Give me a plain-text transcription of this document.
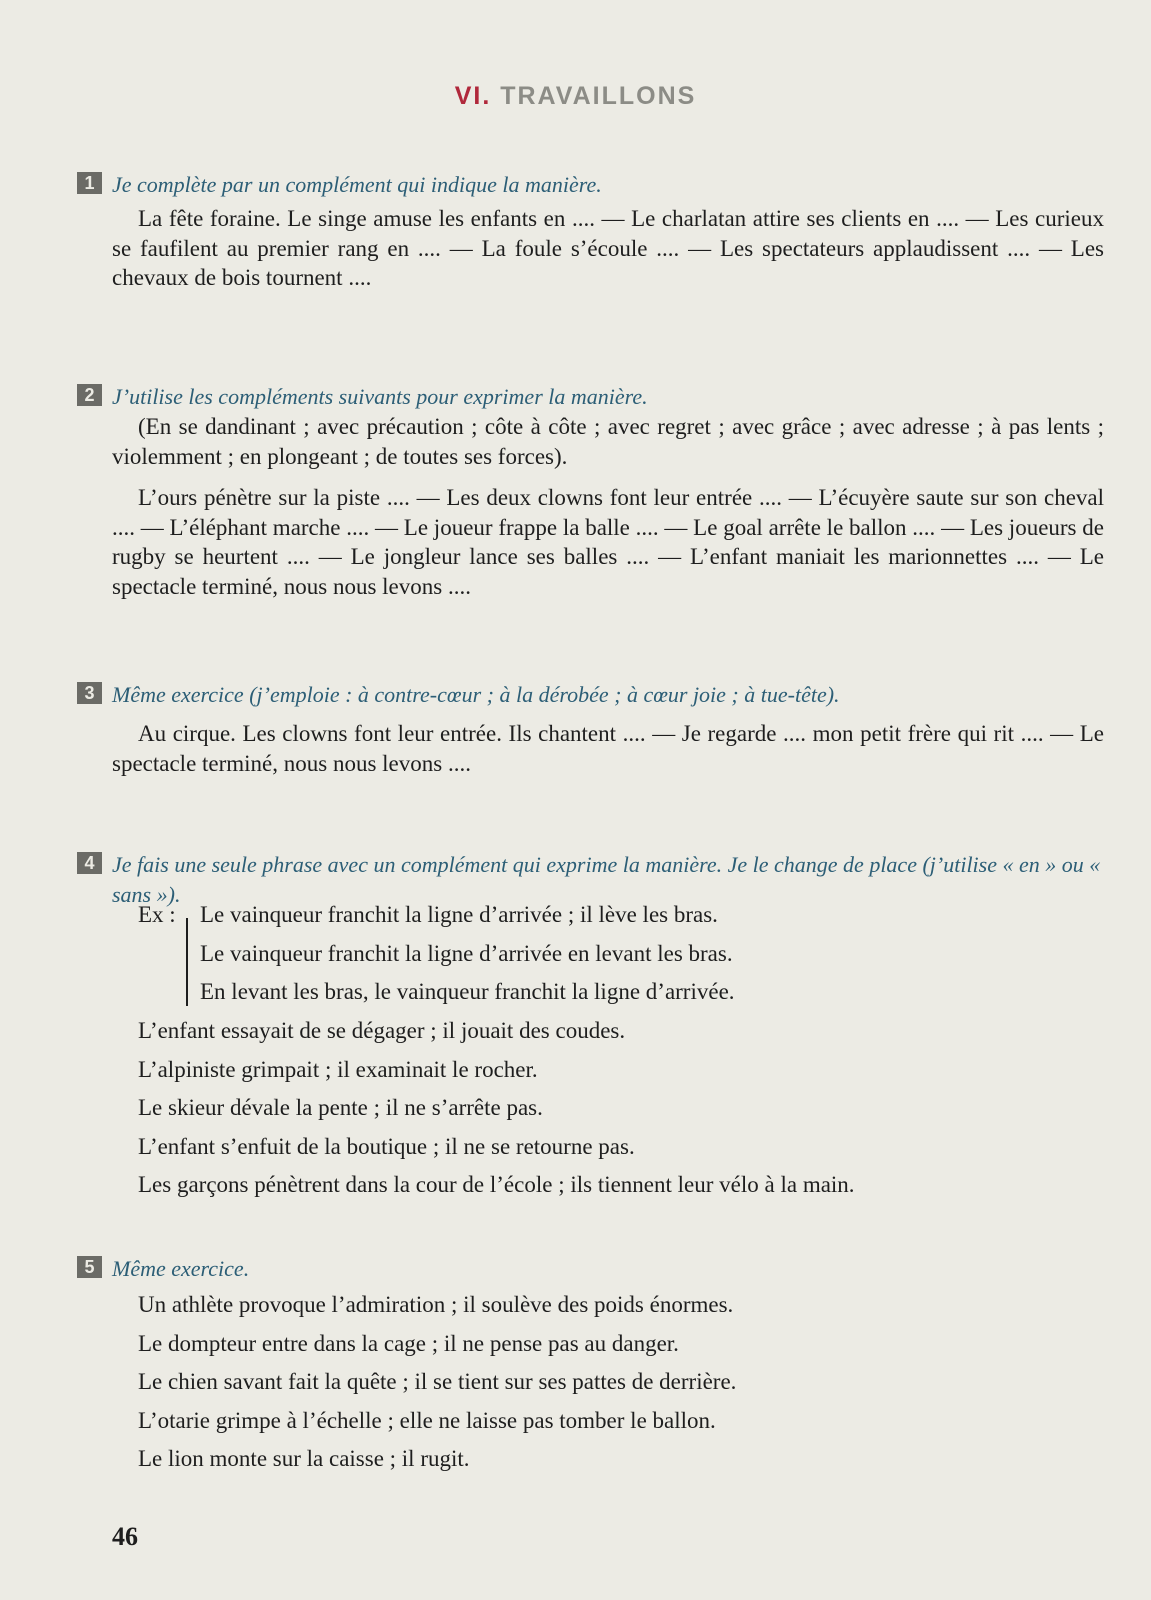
VI. TRAVAILLONS
1 Je complète par un complément qui indique la manière.

La fête foraine. Le singe amuse les enfants en .... — Le charlatan attire ses clients en .... — Les curieux se faufilent au premier rang en .... — La foule s’écoule .... — Les spectateurs applaudissent .... — Les chevaux de bois tournent ....

2 J’utilise les compléments suivants pour exprimer la manière.

(En se dandinant ; avec précaution ; côte à côte ; avec regret ; avec grâce ; avec adresse ; à pas lents ; violemment ; en plongeant ; de toutes ses forces).

L’ours pénètre sur la piste .... — Les deux clowns font leur entrée .... — L’écuyère saute sur son cheval .... — L’éléphant marche .... — Le joueur frappe la balle .... — Le goal arrête le ballon .... — Les joueurs de rugby se heurtent .... — Le jongleur lance ses balles .... — L’enfant maniait les marionnettes .... — Le spectacle terminé, nous nous levons ....

3 Même exercice (j’emploie : à contre-cœur ; à la dérobée ; à cœur joie ; à tue-tête).

Au cirque. Les clowns font leur entrée. Ils chantent .... — Je regarde .... mon petit frère qui rit .... — Le spectacle terminé, nous nous levons ....

4 Je fais une seule phrase avec un complément qui exprime la manière. Je le change de place (j’utilise « en » ou « sans »).
Ex : Le vainqueur franchit la ligne d’arrivée ; il lève les bras.
Le vainqueur franchit la ligne d’arrivée en levant les bras.
En levant les bras, le vainqueur franchit la ligne d’arrivée.
L’enfant essayait de se dégager ; il jouait des coudes.
L’alpiniste grimpait ; il examinait le rocher.
Le skieur dévale la pente ; il ne s’arrête pas.
L’enfant s’enfuit de la boutique ; il ne se retourne pas.
Les garçons pénètrent dans la cour de l’école ; ils tiennent leur vélo à la main.
5 Même exercice.
Un athlète provoque l’admiration ; il soulève des poids énormes.
Le dompteur entre dans la cage ; il ne pense pas au danger.
Le chien savant fait la quête ; il se tient sur ses pattes de derrière.
L’otarie grimpe à l’échelle ; elle ne laisse pas tomber le ballon.
Le lion monte sur la caisse ; il rugit.
46
